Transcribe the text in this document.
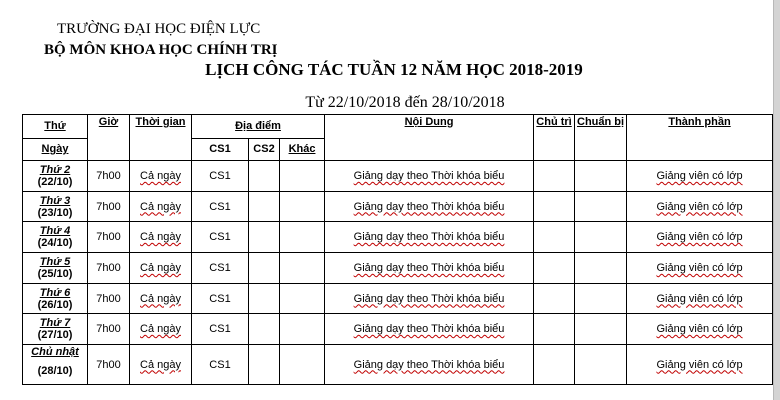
TRƯỜNG ĐẠI HỌC ĐIỆN LỰC
BỘ MÔN KHOA HỌC CHÍNH TRỊ
LỊCH CÔNG TÁC TUẦN 12 NĂM HỌC 2018-2019
Từ 22/10/2018 đến 28/10/2018
Thứ	Giờ	Thời gian	Địa điểm			Nội Dung	Chủ trì	Chuẩn bị	Thành phần
Ngày			CS1	CS2	Khác				
Thứ 2
(22/10)	7h00	Cả ngày	CS1			Giảng dạy theo Thời khóa biểu			Giảng viên có lớp
Thứ 3
(23/10)	7h00	Cả ngày	CS1			Giảng dạy theo Thời khóa biểu			Giảng viên có lớp
Thứ 4
(24/10)	7h00	Cả ngày	CS1			Giảng dạy theo Thời khóa biểu			Giảng viên có lớp
Thứ 5
(25/10)	7h00	Cả ngày	CS1			Giảng dạy theo Thời khóa biểu			Giảng viên có lớp
Thứ 6
(26/10)	7h00	Cả ngày	CS1			Giảng dạy theo Thời khóa biểu			Giảng viên có lớp
Thứ 7
(27/10)	7h00	Cả ngày	CS1			Giảng dạy theo Thời khóa biểu			Giảng viên có lớp
Chủ nhật

(28/10)	7h00	Cả ngày	CS1			Giảng dạy theo Thời khóa biểu			Giảng viên có lớp
